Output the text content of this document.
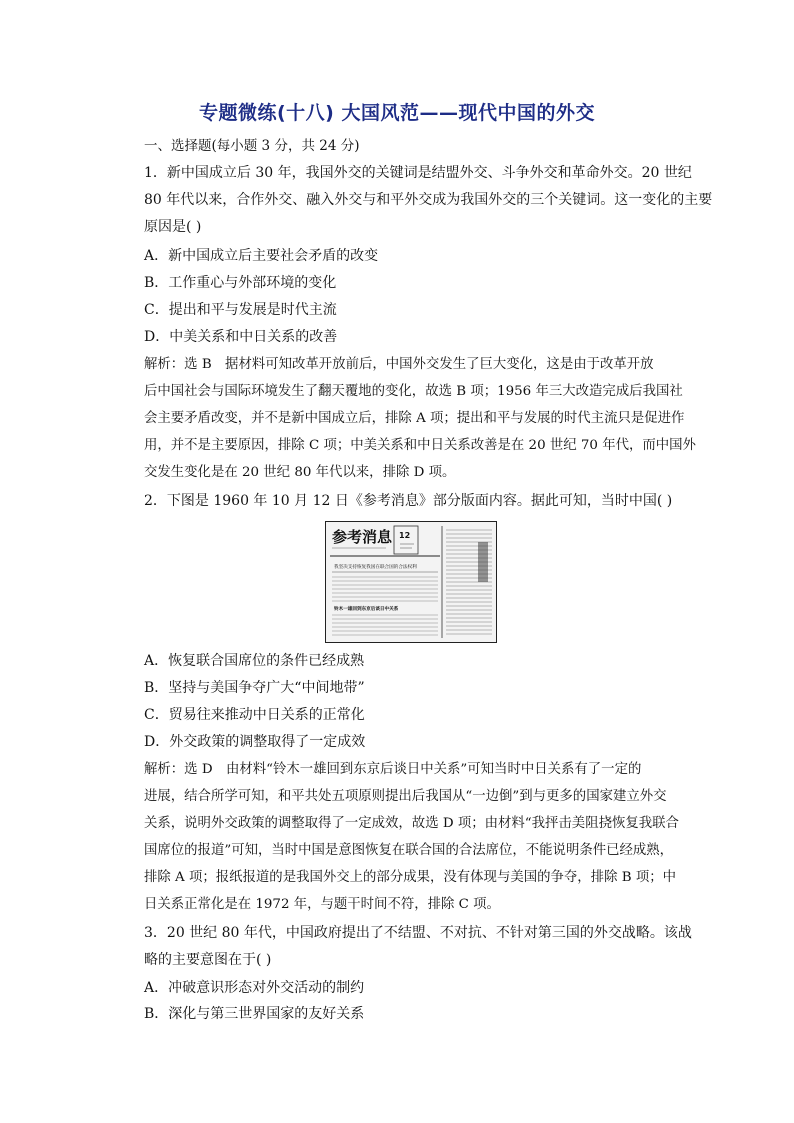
专题微练(十八) 大国风范——现代中国的外交
一、选择题(每小题 3 分，共 24 分)
1．新中国成立后 30 年，我国外交的关键词是结盟外交、斗争外交和革命外交。20 世纪
80 年代以来，合作外交、融入外交与和平外交成为我国外交的三个关键词。这一变化的主要
原因是( )
A．新中国成立后主要社会矛盾的改变
B．工作重心与外部环境的变化
C．提出和平与发展是时代主流
D．中美关系和中日关系的改善
解析：选 B　据材料可知改革开放前后，中国外交发生了巨大变化，这是由于改革开放
后中国社会与国际环境发生了翻天覆地的变化，故选 B 项；1956 年三大改造完成后我国社
会主要矛盾改变，并不是新中国成立后，排除 A 项；提出和平与发展的时代主流只是促进作
用，并不是主要原因，排除 C 项；中美关系和中日关系改善是在 20 世纪 70 年代，而中国外
交发生变化是在 20 世纪 80 年代以来，排除 D 项。
2．下图是 1960 年 10 月 12 日《参考消息》部分版面内容。据此可知，当时中国( )
参考消息 12
我坚决支持恢复我国在联合国的合法权利
铃木一雄回到东京后谈日中关系
A．恢复联合国席位的条件已经成熟
B．坚持与美国争夺广大“中间地带”
C．贸易往来推动中日关系的正常化
D．外交政策的调整取得了一定成效
解析：选 D　由材料“铃木一雄回到东京后谈日中关系”可知当时中日关系有了一定的
进展，结合所学可知，和平共处五项原则提出后我国从“一边倒”到与更多的国家建立外交
关系，说明外交政策的调整取得了一定成效，故选 D 项；由材料“我抨击美阻挠恢复我联合
国席位的报道”可知，当时中国是意图恢复在联合国的合法席位，不能说明条件已经成熟，
排除 A 项；报纸报道的是我国外交上的部分成果，没有体现与美国的争夺，排除 B 项；中
日关系正常化是在 1972 年，与题干时间不符，排除 C 项。
3．20 世纪 80 年代，中国政府提出了不结盟、不对抗、不针对第三国的外交战略。该战
略的主要意图在于( )
A．冲破意识形态对外交活动的制约
B．深化与第三世界国家的友好关系
